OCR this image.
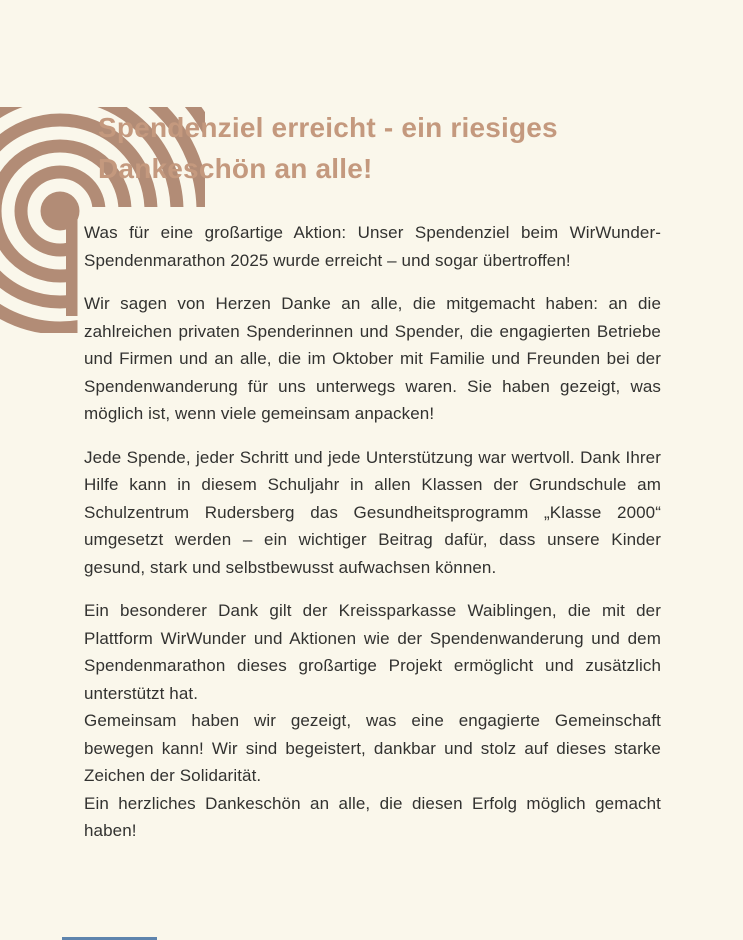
Spendenziel erreicht - ein riesiges
Dankeschön an alle!

Was für eine großartige Aktion: Unser Spendenziel beim WirWunder-Spendenmarathon 2025 wurde erreicht – und sogar übertroffen!

Wir sagen von Herzen Danke an alle, die mitgemacht haben: an die zahlreichen privaten Spenderinnen und Spender, die engagierten Betriebe und Firmen und an alle, die im Oktober mit Familie und Freunden bei der Spendenwanderung für uns unterwegs waren. Sie haben gezeigt, was möglich ist, wenn viele gemeinsam anpacken!

Jede Spende, jeder Schritt und jede Unterstützung war wertvoll. Dank Ihrer Hilfe kann in diesem Schuljahr in allen Klassen der Grundschule am Schulzentrum Rudersberg das Gesundheitsprogramm „Klasse 2000“ umgesetzt werden – ein wichtiger Beitrag dafür, dass unsere Kinder gesund, stark und selbstbewusst aufwachsen können.

Ein besonderer Dank gilt der Kreissparkasse Waiblingen, die mit der Plattform WirWunder und Aktionen wie der Spendenwanderung und dem Spendenmarathon dieses großartige Projekt ermöglicht und zusätzlich unterstützt hat.
Gemeinsam haben wir gezeigt, was eine engagierte Gemeinschaft bewegen kann! Wir sind begeistert, dankbar und stolz auf dieses starke Zeichen der Solidarität.
Ein herzliches Dankeschön an alle, die diesen Erfolg möglich gemacht haben!
